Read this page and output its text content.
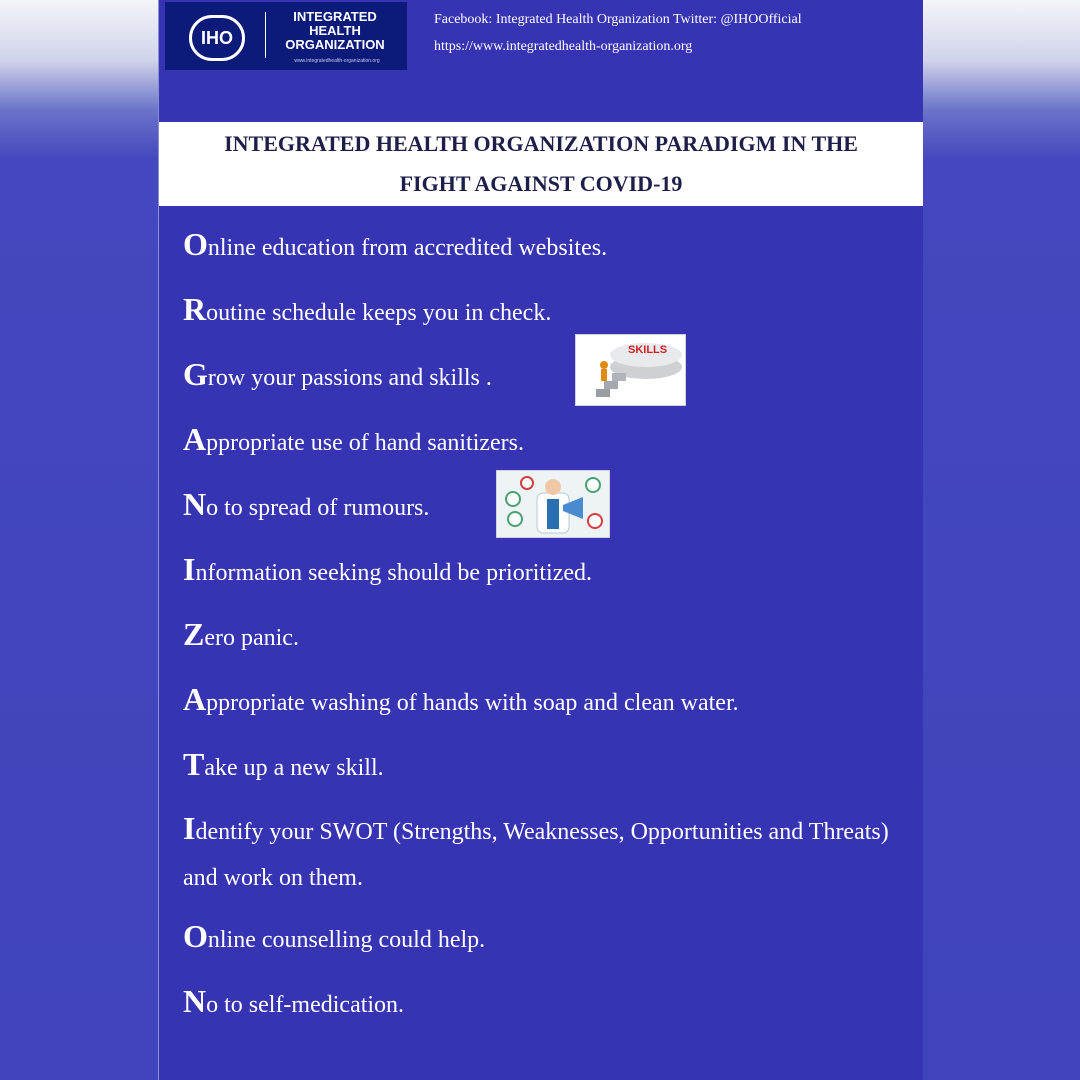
IHO
INTEGRATED
HEALTH
ORGANIZATION
www.integratedhealth-organization.org
Facebook: Integrated Health Organization Twitter: @IHOOfficial
https://www.integratedhealth-organization.org
INTEGRATED HEALTH ORGANIZATION PARADIGM IN THE
FIGHT AGAINST COVID-19
Online education from accredited websites.
Routine schedule keeps you in check.
Grow your passions and skills .
Appropriate use of hand sanitizers.
No to spread of rumours.
Information seeking should be prioritized.
Zero panic.
Appropriate washing of hands with soap and clean water.
Take up a new skill.
Identify your SWOT (Strengths, Weaknesses, Opportunities and Threats) and work on them.
Online counselling could help.
No to self-medication.
SKILLS
